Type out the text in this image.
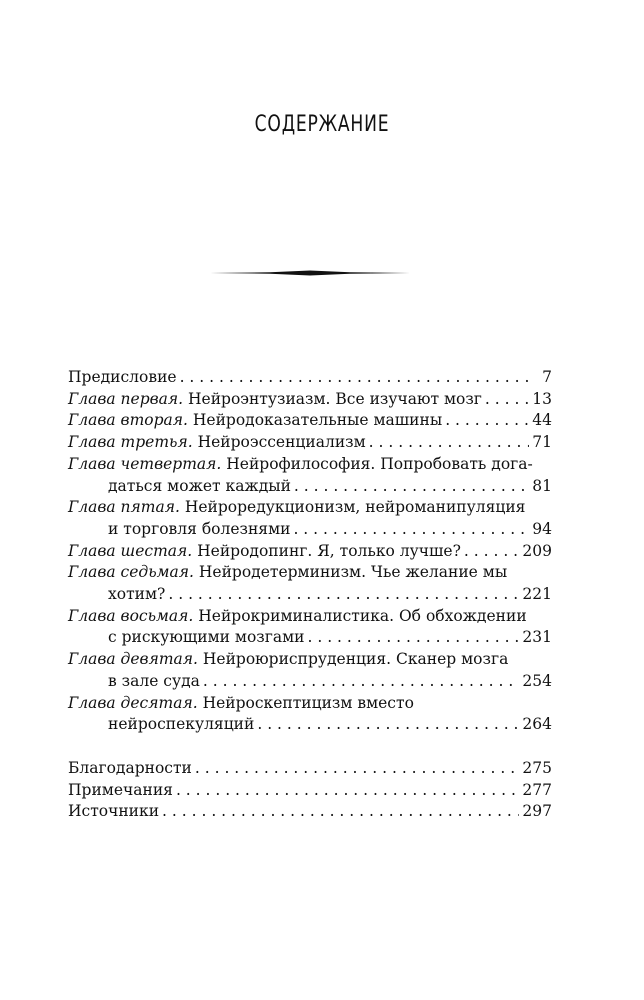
СОДЕРЖАНИЕ
Предисловие . . .	7
Глава первая. Нейроэнтузиазм. Все изучают мозг . . .	13
Глава вторая. Нейродоказательные машины . . .	44
Глава третья. Нейроэссенциализм . . .	71
Глава четвертая. Нейрофилософия. Попробовать дога-
даться может каждый . . .	81
Глава пятая. Нейроредукционизм, нейроманипуляция
и торговля болезнями . . .	94
Глава шестая. Нейродопинг. Я, только лучше? . . .	209
Глава седьмая. Нейродетерминизм. Чье желание мы
хотим? . . .	221
Глава восьмая. Нейрокриминалистика. Об обхождении
с рискующими мозгами . . .	231
Глава девятая. Нейроюриспруденция. Сканер мозга
в зале суда . . .	254
Глава десятая. Нейроскептицизм вместо
нейроспекуляций . . .	264
Благодарности . . .	275
Примечания . . .	277
Источники . . .	297
